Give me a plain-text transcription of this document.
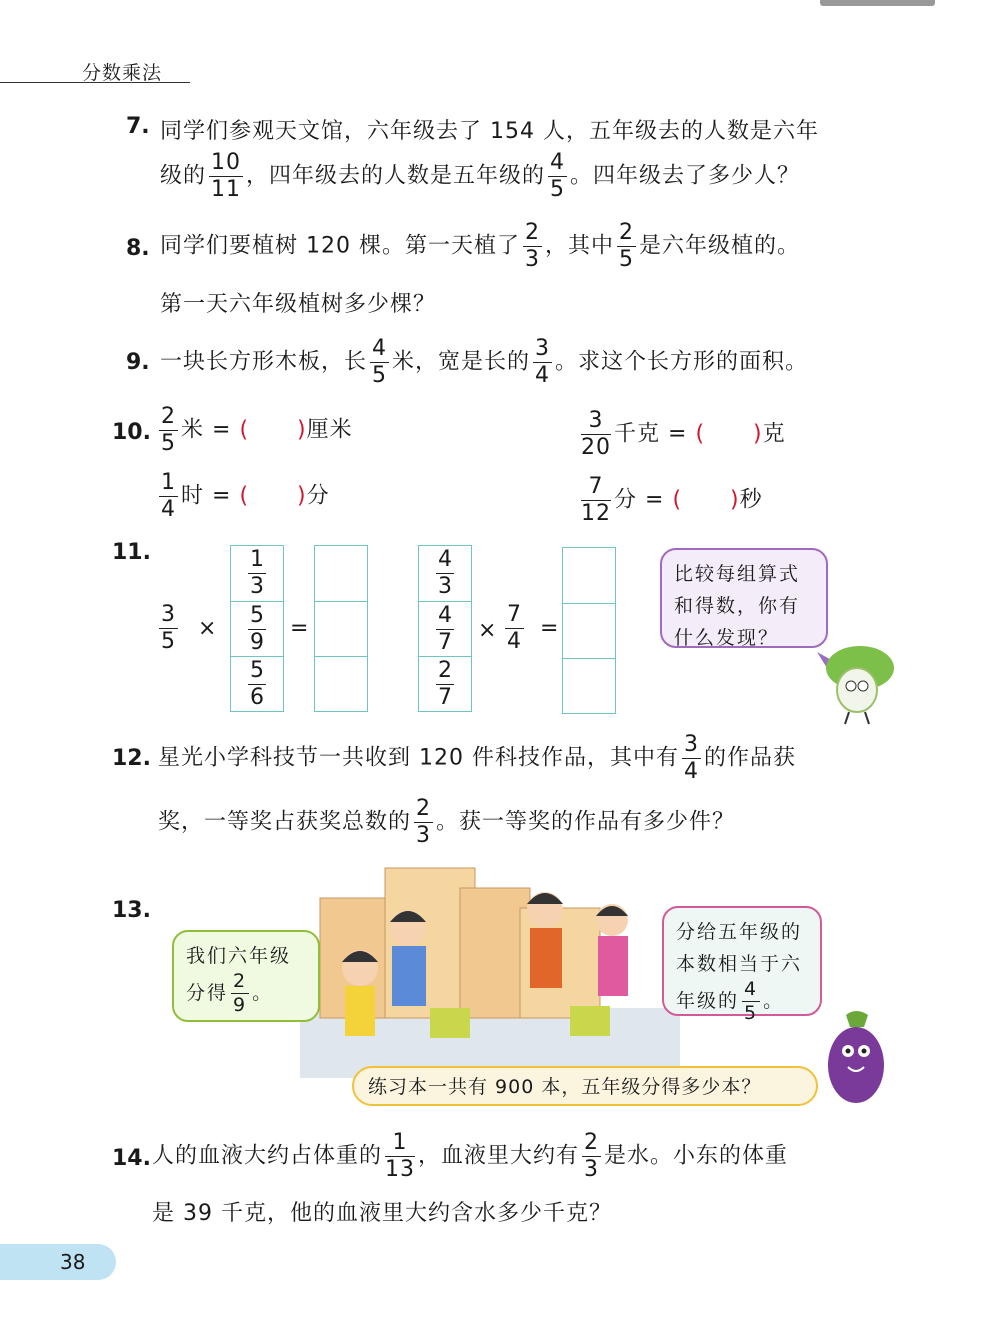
分数乘法
7. 同学们参观天文馆，六年级去了 154 人，五年级去的人数是六年
级的 $\frac{10}{11}$ ，四年级去的人数是五年级的 $\frac{4}{5}$ 。四年级去了多少人？
8. 同学们要植树 120 棵。第一天植了 $\frac{2}{3}$ ，其中 $\frac{2}{5}$ 是六年级植的。
第一天六年级植树多少棵？
9. 一块长方形木板，长 $\frac{4}{5}$ 米，宽是长的 $\frac{3}{4}$ 。求这个长方形的面积。
10. $\frac{2}{5}$ 米 = ( )厘米	$\frac{3}{20}$ 千克 = ( )克
$\frac{1}{4}$ 时 = ( )分	$\frac{7}{12}$ 分 = ( )秒
11.
$\frac{3}{5}$ ×
$\frac{1}{3}$
$\frac{5}{9}$
$\frac{5}{6}$
=
$\frac{4}{3}$
$\frac{4}{7}$
$\frac{2}{7}$
× $\frac{7}{4}$ =
比较每组算式和得数，你有什么发现？
12. 星光小学科技节一共收到 120 件科技作品，其中有 $\frac{3}{4}$ 的作品获
奖，一等奖占获奖总数的 $\frac{2}{3}$ 。获一等奖的作品有多少件？
13.
我们六年级
分得 $\frac{2}{9}$ 。
分给五年级的本数相当于六
年级的 $\frac{4}{5}$ 。
练习本一共有 900 本，五年级分得多少本？
14. 人的血液大约占体重的 $\frac{1}{13}$ ，血液里大约有 $\frac{2}{3}$ 是水。小东的体重
是 39 千克，他的血液里大约含水多少千克？
38
